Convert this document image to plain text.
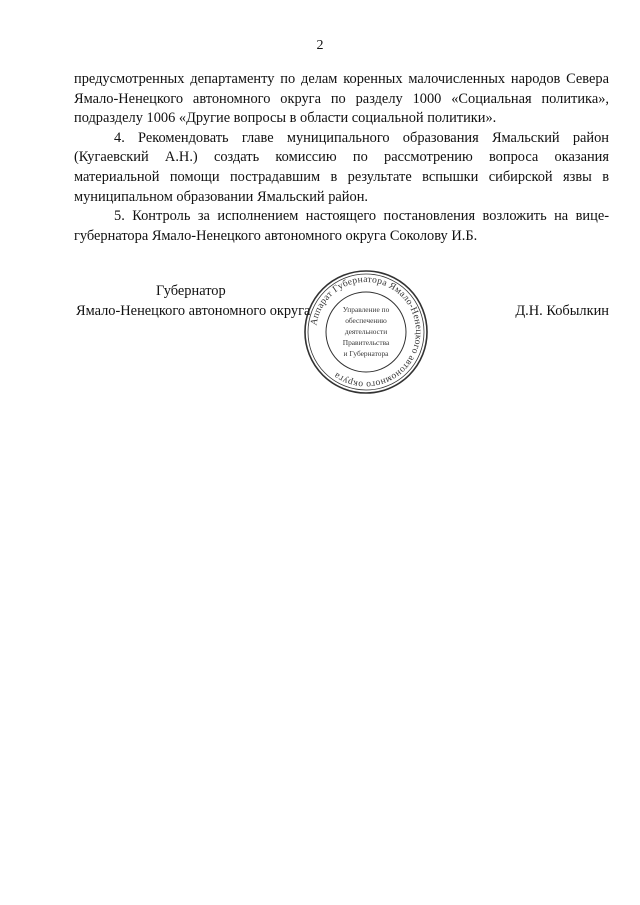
2

предусмотренных департаменту по делам коренных малочисленных народов Севера Ямало-Ненецкого автономного округа по разделу 1000 «Социальная политика», подразделу 1006 «Другие вопросы в области социальной политики».

4. Рекомендовать главе муниципального образования Ямальский район (Кугаевский А.Н.) создать комиссию по рассмотрению вопроса оказания материальной помощи пострадавшим в результате вспышки сибирской язвы в муниципальном образовании Ямальский район.

5. Контроль за исполнением настоящего постановления возложить на вице-губернатора Ямало-Ненецкого автономного округа Соколову И.Б.

Губернатор
Ямало-Ненецкого автономного округа	Д.Н. Кобылкин
Аппарат Губернатора Ямало-Ненецкого автономного округа
Управление по
обеспечению
деятельности
Правительства
и Губернатора
